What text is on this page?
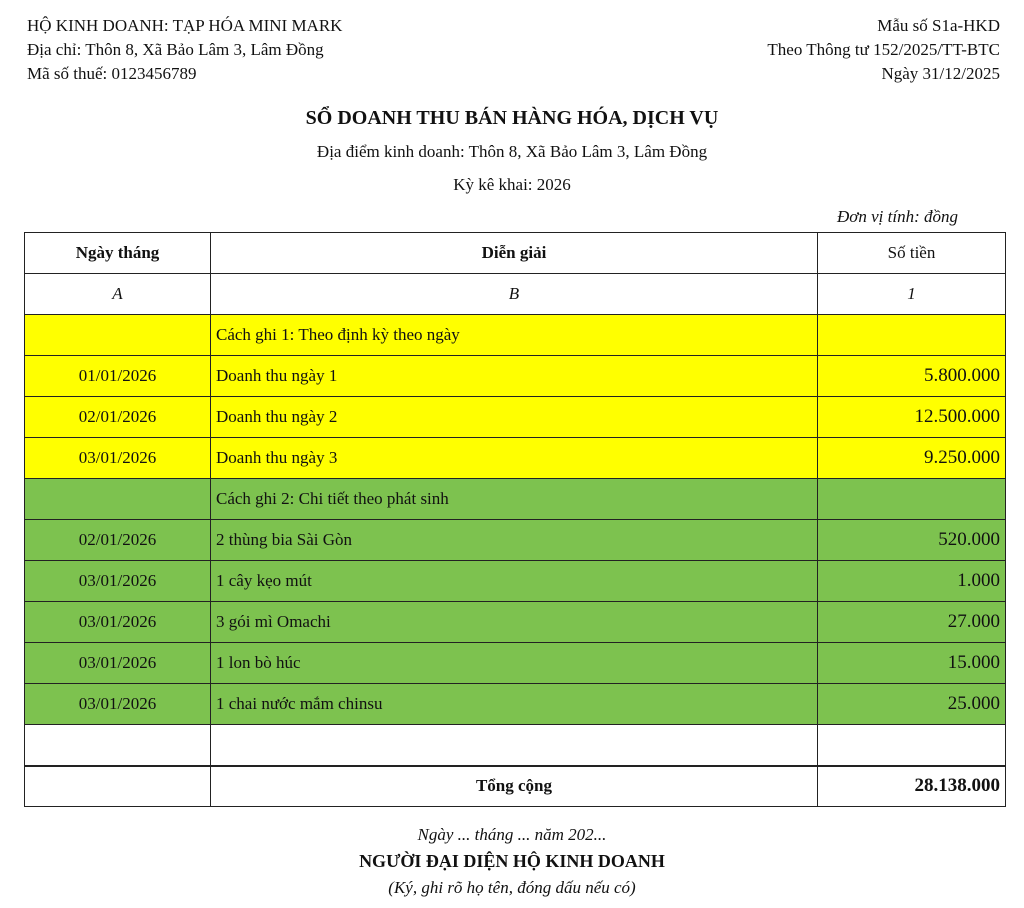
HỘ KINH DOANH: TẠP HÓA MINI MARK
Địa chỉ: Thôn 8, Xã Bảo Lâm 3, Lâm Đồng
Mã số thuế: 0123456789
Mẫu số S1a-HKD
Theo Thông tư 152/2025/TT-BTC
Ngày 31/12/2025
SỔ DOANH THU BÁN HÀNG HÓA, DỊCH VỤ
Địa điểm kinh doanh: Thôn 8, Xã Bảo Lâm 3, Lâm Đồng
Kỳ kê khai: 2026
Đơn vị tính: đồng
Ngày tháng	Diễn giải	Số tiền
A	B	1
	Cách ghi 1: Theo định kỳ theo ngày	
01/01/2026	Doanh thu ngày 1	5.800.000
02/01/2026	Doanh thu ngày 2	12.500.000
03/01/2026	Doanh thu ngày 3	9.250.000
	Cách ghi 2: Chi tiết theo phát sinh	
02/01/2026	2 thùng bia Sài Gòn	520.000
03/01/2026	1 cây kẹo mút	1.000
03/01/2026	3 gói mì Omachi	27.000
03/01/2026	1 lon bò húc	15.000
03/01/2026	1 chai nước mắm chinsu	25.000

	Tổng cộng	28.138.000
Ngày ... tháng ... năm 202...
NGƯỜI ĐẠI DIỆN HỘ KINH DOANH
(Ký, ghi rõ họ tên, đóng dấu nếu có)
